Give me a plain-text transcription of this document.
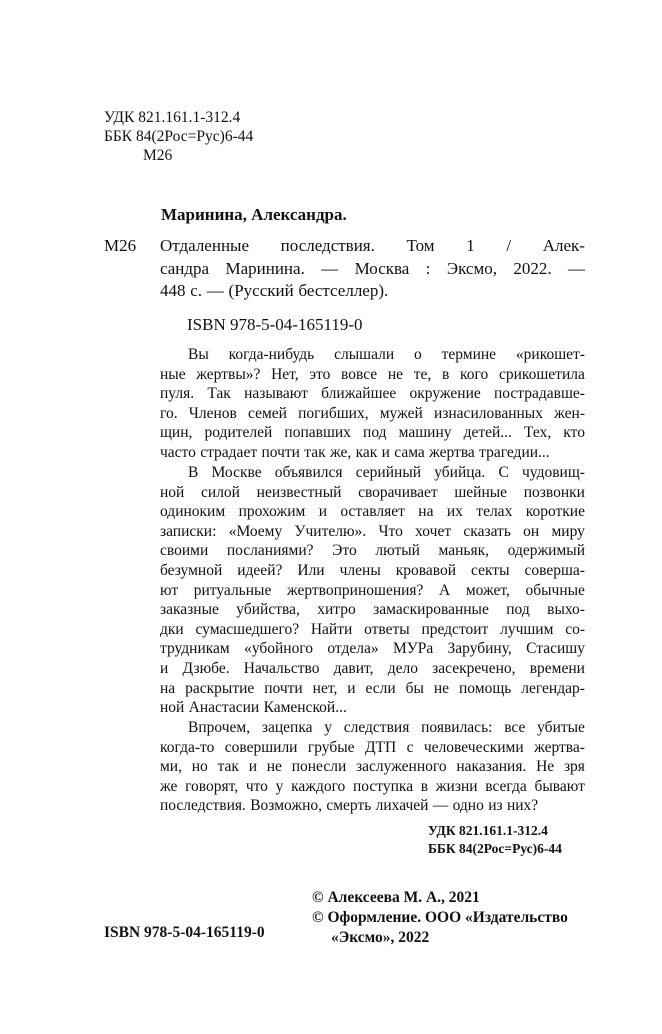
УДК 821.161.1-312.4
ББК 84(2Рос=Рус)6-44
М26
Маринина, Александра.
М26 Отдаленные последствия. Том 1 / Алек-
сандра Маринина. — Москва : Эксмо, 2022. —
448 с. — (Русский бестселлер).
ISBN 978-5-04-165119-0
Вы когда-нибудь слышали о термине «рикошет-
ные жертвы»? Нет, это вовсе не те, в кого срикошетила
пуля. Так называют ближайшее окружение пострадавше-
го. Членов семей погибших, мужей изнасилованных жен-
щин, родителей попавших под машину детей... Тех, кто
часто страдает почти так же, как и сама жертва трагедии...
В Москве объявился серийный убийца. С чудовищ-
ной силой неизвестный сворачивает шейные позвонки
одиноким прохожим и оставляет на их телах короткие
записки: «Моему Учителю». Что хочет сказать он миру
своими посланиями? Это лютый маньяк, одержимый
безумной идеей? Или члены кровавой секты соверша-
ют ритуальные жертвоприношения? А может, обычные
заказные убийства, хитро замаскированные под выхо-
дки сумасшедшего? Найти ответы предстоит лучшим со-
трудникам «убойного отдела» МУРа Зарубину, Стасишу
и Дзюбе. Начальство давит, дело засекречено, времени
на раскрытие почти нет, и если бы не помощь легендар-
ной Анастасии Каменской...
Впрочем, зацепка у следствия появилась: все убитые
когда-то совершили грубые ДТП с человеческими жертва-
ми, но так и не понесли заслуженного наказания. Не зря
же говорят, что у каждого поступка в жизни всегда бывают
последствия. Возможно, смерть лихачей — одно из них?
УДК 821.161.1-312.4
ББК 84(2Рос=Рус)6-44
© Алексеева М. А., 2021
© Оформление. ООО «Издательство
«Эксмо», 2022
ISBN 978-5-04-165119-0
